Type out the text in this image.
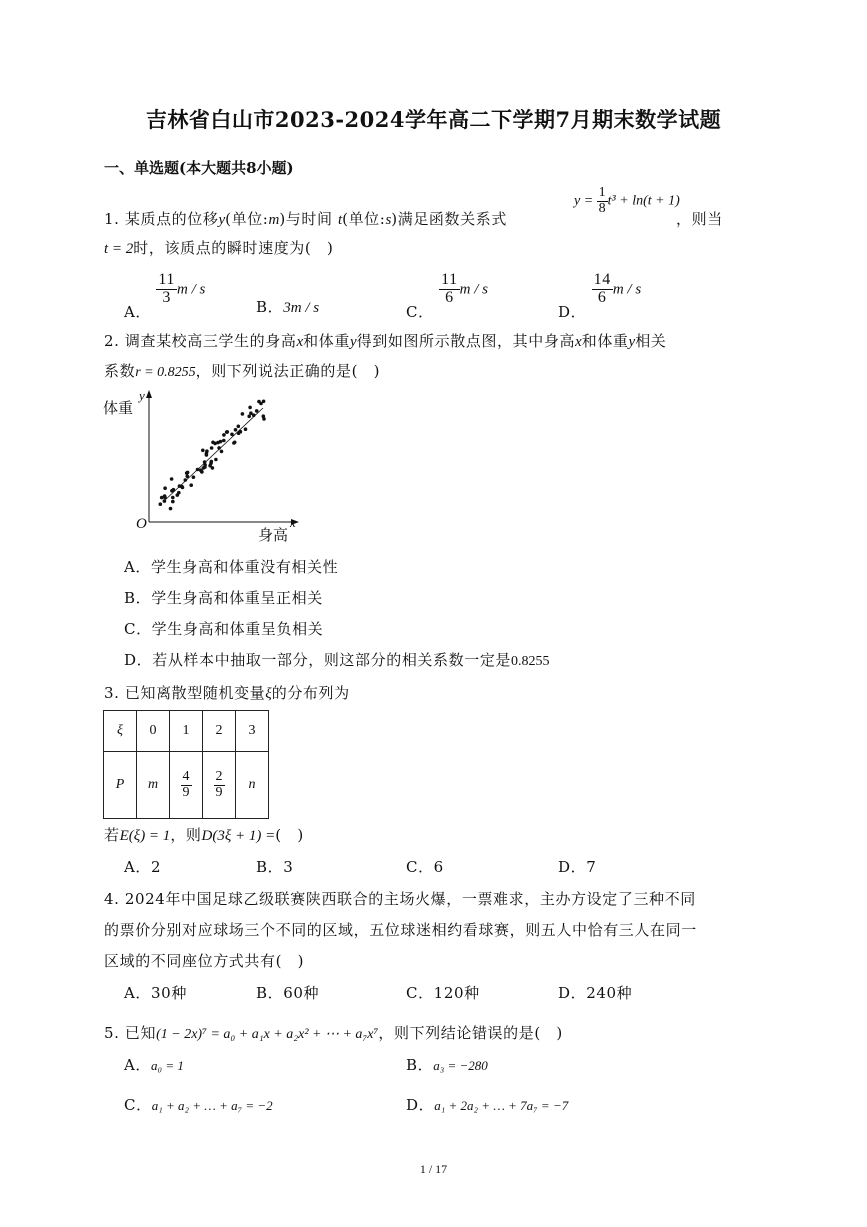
吉林省白山市2023-2024学年高二下学期7月期末数学试题
一、单选题(本大题共8小题)
1. 某质点的位移y(单位:m)与时间 t(单位:s)满足函数关系式
$y = \frac{1}{8} t^3 + \ln(t + 1)$
，则当
t = 2时，该质点的瞬时速度为(　)
A．
$\frac{11}{3}$ m / s
B．3m / s	C．
$\frac{11}{6}$ m / s
D．
$\frac{14}{6}$ m / s
2. 调查某校高三学生的身高x和体重y得到如图所示散点图，其中身高x和体重y相关
系数r = 0.8255，则下列说法正确的是(　)
体重
y
O
身高
x
A．学生身高和体重没有相关性
B．学生身高和体重呈正相关
C．学生身高和体重呈负相关
D．若从样本中抽取一部分，则这部分的相关系数一定是0.8255
3. 已知离散型随机变量ξ的分布列为
ξ	0	1	2	3
P	m	$\frac{4}{9}$	$\frac{2}{9}$	n
若E(ξ) = 1，则D(3ξ + 1) =(　)
A．2	B．3	C．6	D．7
4. 2024年中国足球乙级联赛陕西联合的主场火爆，一票难求，主办方设定了三种不同
的票价分别对应球场三个不同的区域，五位球迷相约看球赛，则五人中恰有三人在同一
区域的不同座位方式共有(　)
A．30种	B．60种	C．120种	D．240种
5. 已知(1 − 2x)⁷ = a₀ + a₁x + a₂x² + ⋯ + a₇x⁷，则下列结论错误的是(　)
A．a₀ = 1	B．a₃ = −280
C．a₁ + a₂ + … + a₇ = −2	D．a₁ + 2a₂ + … + 7a₇ = −7
1 / 17
